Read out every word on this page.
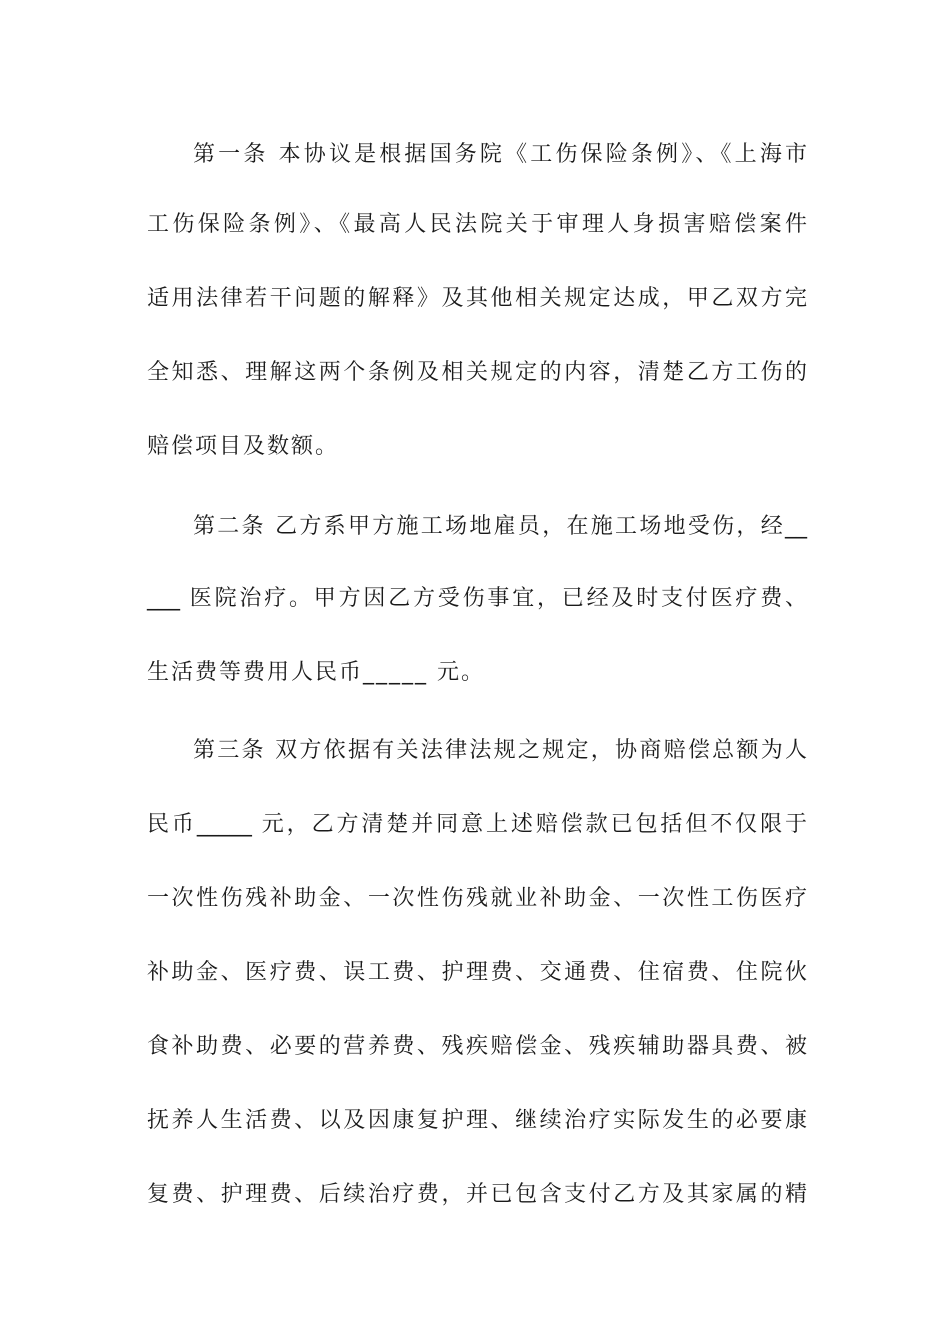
第一条 本协议是根据国务院《工伤保险条例》、《上海市
工伤保险条例》、《最高人民法院关于审理人身损害赔偿案件
适用法律若干问题的解释》及其他相关规定达成，甲乙双方完
全知悉、理解这两个条例及相关规定的内容，清楚乙方工伤的
赔偿项目及数额。
第二条 乙方系甲方施工场地雇员，在施工场地受伤，经__
___ 医院治疗。甲方因乙方受伤事宜，已经及时支付医疗费、
生活费等费用人民币_____ 元。
第三条 双方依据有关法律法规之规定，协商赔偿总额为人
民币_____ 元，乙方清楚并同意上述赔偿款已包括但不仅限于
一次性伤残补助金、一次性伤残就业补助金、一次性工伤医疗
补助金、医疗费、误工费、护理费、交通费、住宿费、住院伙
食补助费、必要的营养费、残疾赔偿金、残疾辅助器具费、被
抚养人生活费、以及因康复护理、继续治疗实际发生的必要康
复费、护理费、后续治疗费，并已包含支付乙方及其家属的精
